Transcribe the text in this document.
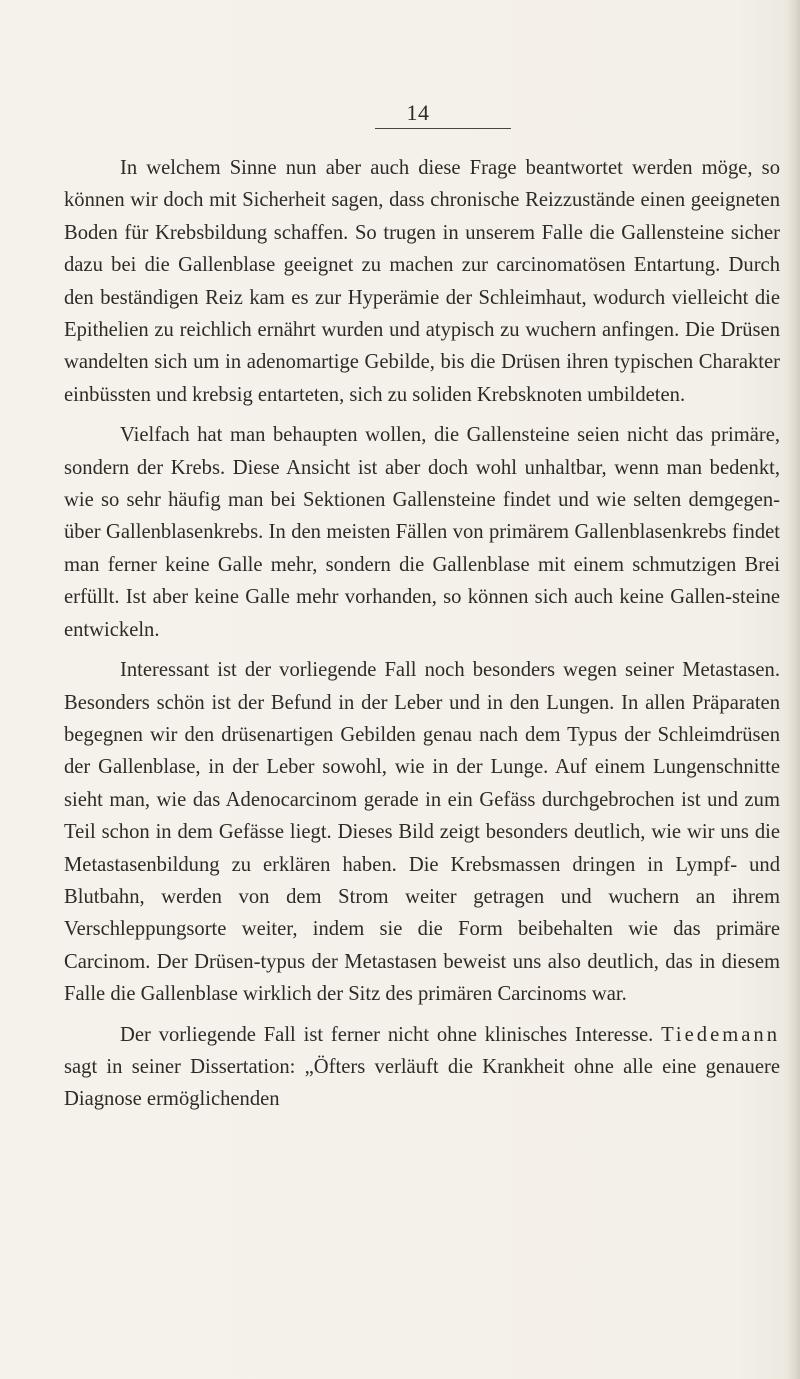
14

In welchem Sinne nun aber auch diese Frage beantwortet werden möge, so können wir doch mit Sicherheit sagen, dass chronische Reizzustände einen geeigneten Boden für Krebsbildung schaffen. So trugen in unserem Falle die Gallensteine sicher dazu bei die Gallenblase geeignet zu machen zur carcinomatösen Entartung. Durch den beständigen Reiz kam es zur Hyperämie der Schleimhaut, wodurch vielleicht die Epithelien zu reichlich ernährt wurden und atypisch zu wuchern anfingen. Die Drüsen wandelten sich um in adenomartige Gebilde, bis die Drüsen ihren typischen Charakter einbüssten und krebsig entarteten, sich zu soliden Krebsknoten umbildeten.

Vielfach hat man behaupten wollen, die Gallensteine seien nicht das primäre, sondern der Krebs. Diese Ansicht ist aber doch wohl unhaltbar, wenn man bedenkt, wie so sehr häufig man bei Sektionen Gallensteine findet und wie selten demgegen-über Gallenblasenkrebs. In den meisten Fällen von primärem Gallenblasenkrebs findet man ferner keine Galle mehr, sondern die Gallenblase mit einem schmutzigen Brei erfüllt. Ist aber keine Galle mehr vorhanden, so können sich auch keine Gallen-steine entwickeln.

Interessant ist der vorliegende Fall noch besonders wegen seiner Metastasen. Besonders schön ist der Befund in der Leber und in den Lungen. In allen Präparaten begegnen wir den drüsenartigen Gebilden genau nach dem Typus der Schleimdrüsen der Gallenblase, in der Leber sowohl, wie in der Lunge. Auf einem Lungenschnitte sieht man, wie das Adenocarcinom gerade in ein Gefäss durchgebrochen ist und zum Teil schon in dem Gefässe liegt. Dieses Bild zeigt besonders deutlich, wie wir uns die Metastasenbildung zu erklären haben. Die Krebsmassen dringen in Lympf- und Blutbahn, werden von dem Strom weiter getragen und wuchern an ihrem Verschleppungsorte weiter, indem sie die Form beibehalten wie das primäre Carcinom. Der Drüsen-typus der Metastasen beweist uns also deutlich, das in diesem Falle die Gallenblase wirklich der Sitz des primären Carcinoms war.

Der vorliegende Fall ist ferner nicht ohne klinisches Interesse. Tiedemann sagt in seiner Dissertation: „Öfters verläuft die Krankheit ohne alle eine genauere Diagnose ermöglichenden
